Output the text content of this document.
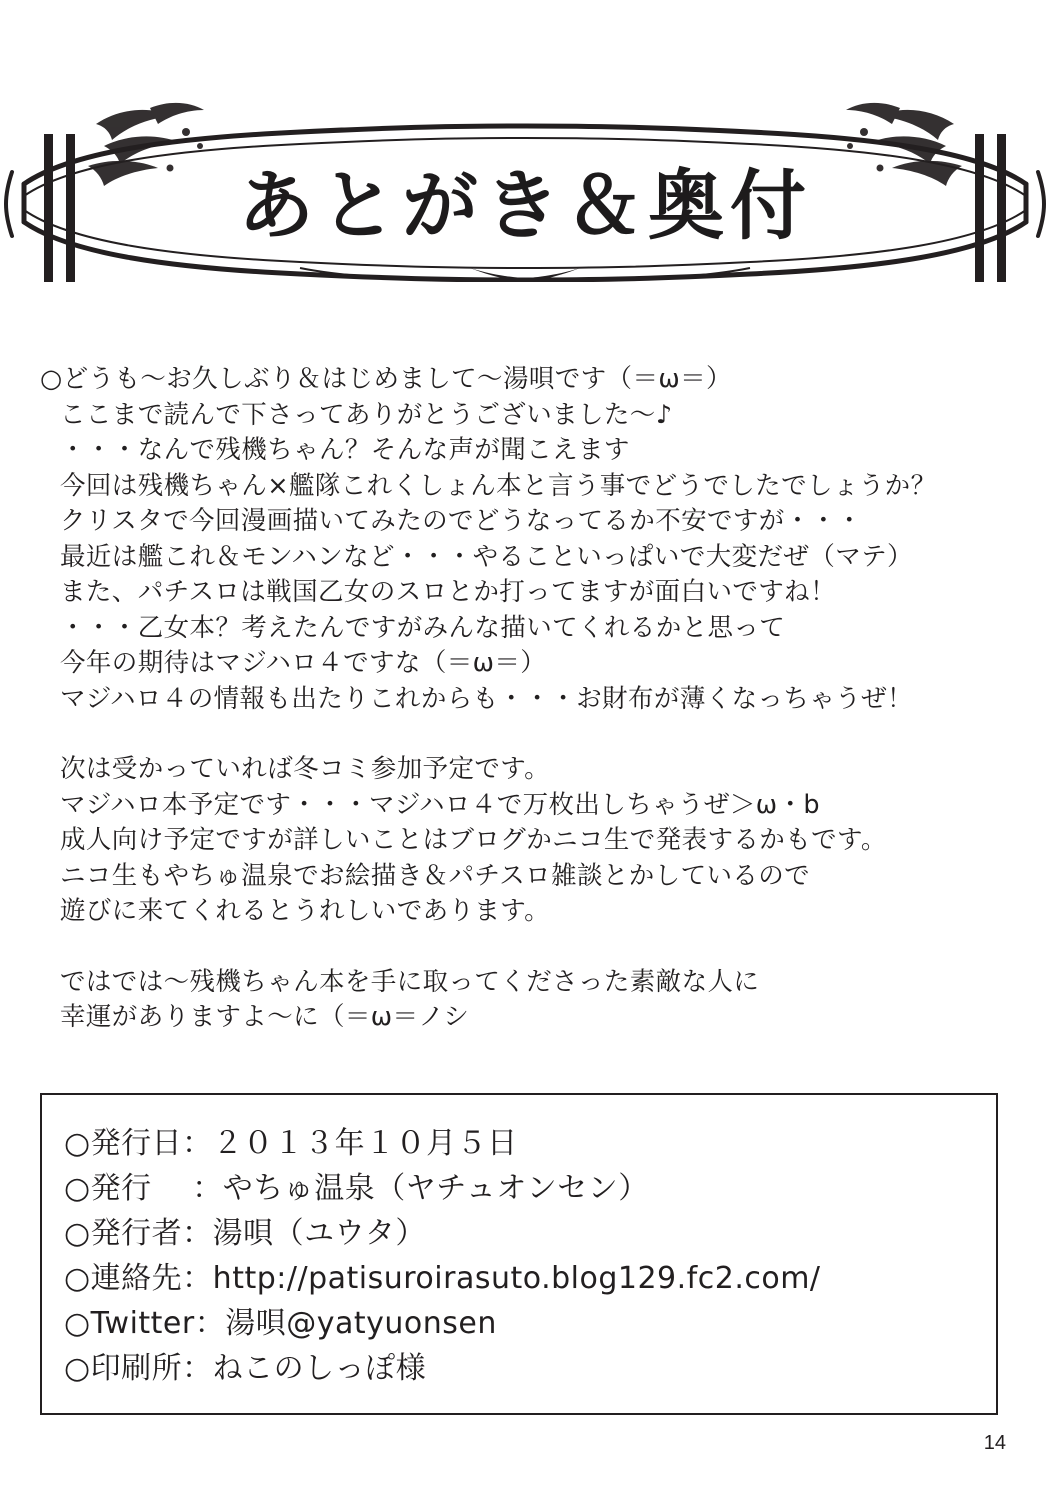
あとがき＆奥付

○どうも〜お久しぶり＆はじめまして〜湯唄です（＝ω＝）

ここまで読んで下さってありがとうございました〜♪

・・・なんで残機ちゃん？そんな声が聞こえます

今回は残機ちゃん×艦隊これくしょん本と言う事でどうでしたでしょうか？

クリスタで今回漫画描いてみたのでどうなってるか不安ですが・・・

最近は艦これ＆モンハンなど・・・やることいっぱいで大変だぜ（マテ）

また、パチスロは戦国乙女のスロとか打ってますが面白いですね！

・・・乙女本？考えたんですがみんな描いてくれるかと思って

今年の期待はマジハロ４ですな（＝ω＝）

マジハロ４の情報も出たりこれからも・・・お財布が薄くなっちゃうぜ！

次は受かっていれば冬コミ参加予定です。

マジハロ本予定です・・・マジハロ４で万枚出しちゃうぜ＞ω・b

成人向け予定ですが詳しいことはブログかニコ生で発表するかもです。

ニコ生もやちゅ温泉でお絵描き＆パチスロ雑談とかしているので

遊びに来てくれるとうれしいであります。

ではでは〜残機ちゃん本を手に取ってくださった素敵な人に

幸運がありますよ〜に（＝ω＝ノシ

○発行日：２０１３年１０月５日
○発行　 ：やちゅ温泉（ヤチュオンセン）
○発行者：湯唄（ユウタ）
○連絡先：http://patisuroirasuto.blog129.fc2.com/
○Twitter：湯唄@yatyuonsen
○印刷所：ねこのしっぽ様
14
